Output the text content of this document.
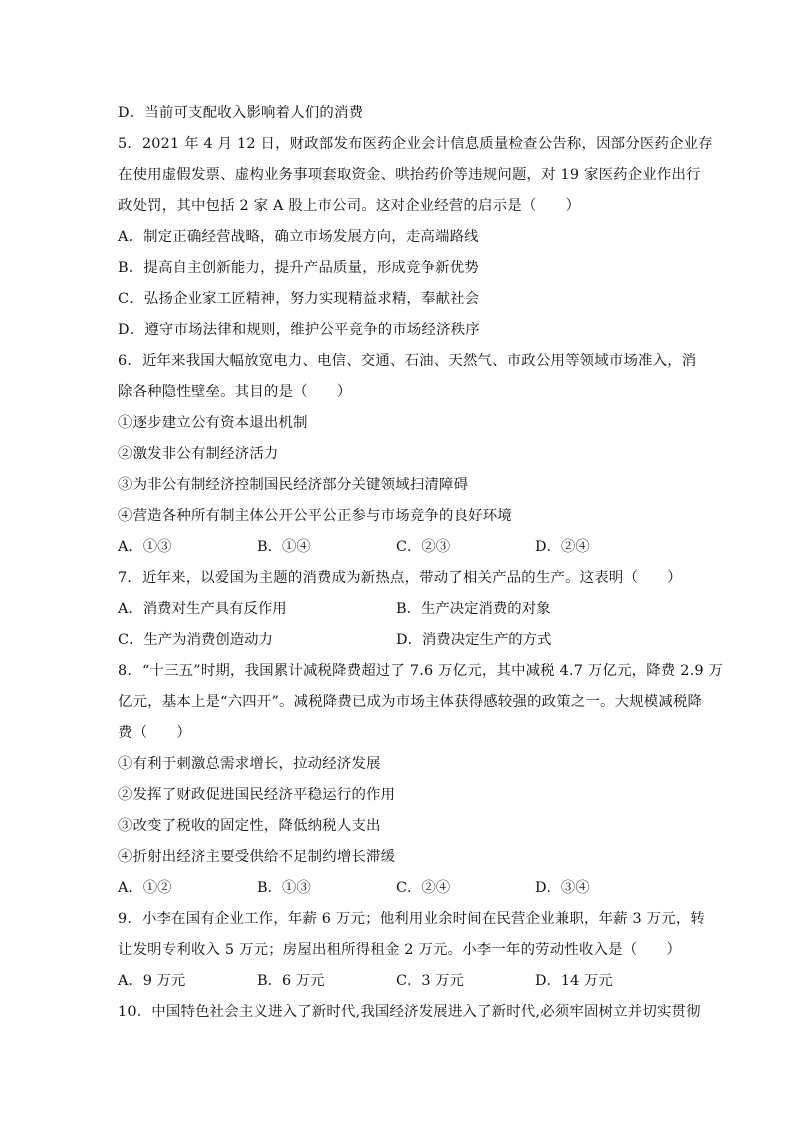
D．当前可支配收入影响着人们的消费
5．2021 年 4 月 12 日，财政部发布医药企业会计信息质量检查公告称，因部分医药企业存
在使用虚假发票、虚构业务事项套取资金、哄抬药价等违规问题，对 19 家医药企业作出行
政处罚，其中包括 2 家 A 股上市公司。这对企业经营的启示是（　　）
A．制定正确经营战略，确立市场发展方向，走高端路线
B．提高自主创新能力，提升产品质量，形成竞争新优势
C．弘扬企业家工匠精神，努力实现精益求精，奉献社会
D．遵守市场法律和规则，维护公平竞争的市场经济秩序
6．近年来我国大幅放宽电力、电信、交通、石油、天然气、市政公用等领域市场准入，消
除各种隐性壁垒。其目的是（　　）
①逐步建立公有资本退出机制
②激发非公有制经济活力
③为非公有制经济控制国民经济部分关键领域扫清障碍
④营造各种所有制主体公开公平公正参与市场竞争的良好环境
A．①③	B．①④	C．②③	D．②④
7．近年来，以爱国为主题的消费成为新热点，带动了相关产品的生产。这表明（　　）
A．消费对生产具有反作用	B．生产决定消费的对象
C．生产为消费创造动力	D．消费决定生产的方式
8．“十三五”时期，我国累计减税降费超过了 7.6 万亿元，其中减税 4.7 万亿元，降费 2.9 万
亿元，基本上是“六四开”。减税降费已成为市场主体获得感较强的政策之一。大规模减税降
费（　　）
①有利于刺激总需求增长，拉动经济发展
②发挥了财政促进国民经济平稳运行的作用
③改变了税收的固定性，降低纳税人支出
④折射出经济主要受供给不足制约增长滞缓
A．①②	B．①③	C．②④	D．③④
9．小李在国有企业工作，年薪 6 万元；他利用业余时间在民营企业兼职，年薪 3 万元，转
让发明专利收入 5 万元；房屋出租所得租金 2 万元。小李一年的劳动性收入是（　　）
A．9 万元	B．6 万元	C．3 万元	D．14 万元
10．中国特色社会主义进入了新时代,我国经济发展进入了新时代,必须牢固树立并切实贯彻
